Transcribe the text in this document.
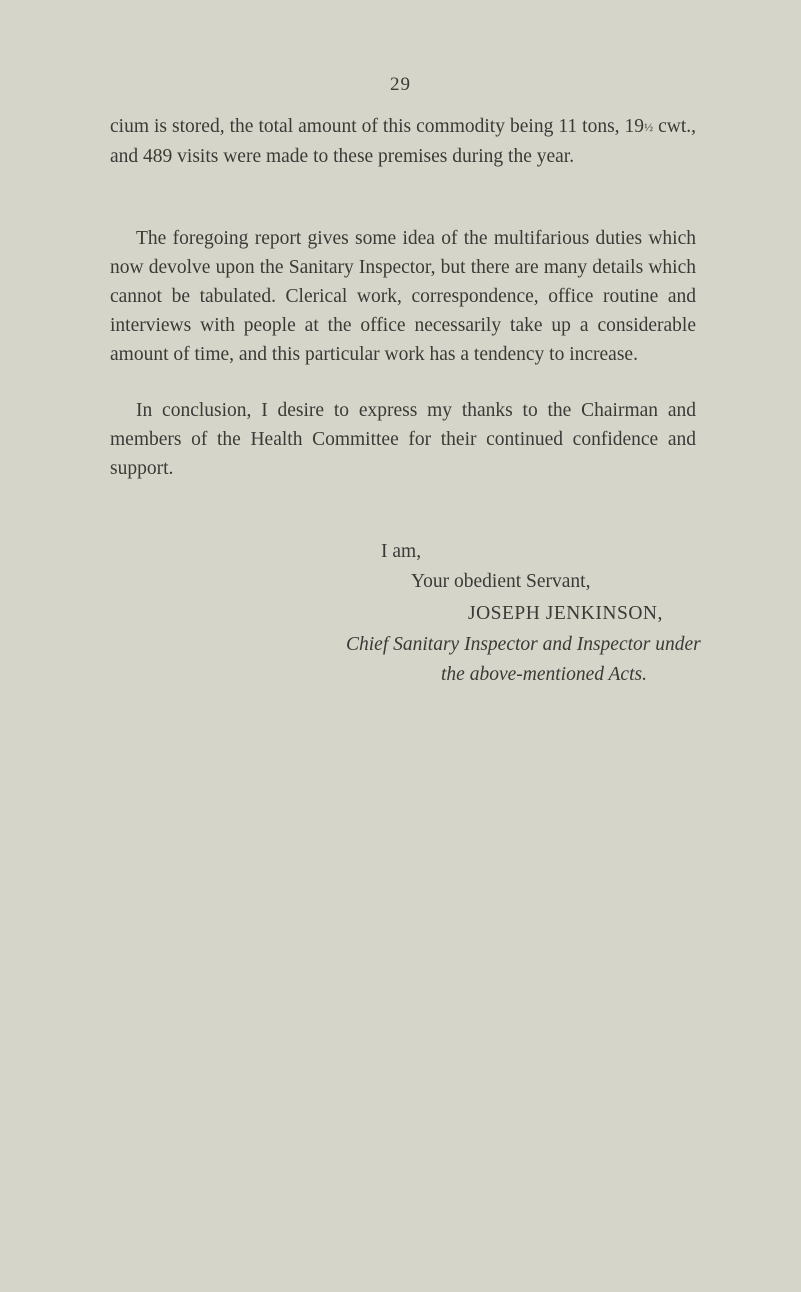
29

cium is stored, the total amount of this commodity being 11 tons, 19½ cwt., and 489 visits were made to these premises during the year.

The foregoing report gives some idea of the multifarious duties which now devolve upon the Sanitary Inspector, but there are many details which cannot be tabulated. Clerical work, correspondence, office routine and interviews with people at the office necessarily take up a considerable amount of time, and this particular work has a tendency to increase.

In conclusion, I desire to express my thanks to the Chairman and members of the Health Committee for their continued confidence and support.

I am,
Your obedient Servant,
JOSEPH JENKINSON,
Chief Sanitary Inspector and Inspector under
the above-mentioned Acts.
